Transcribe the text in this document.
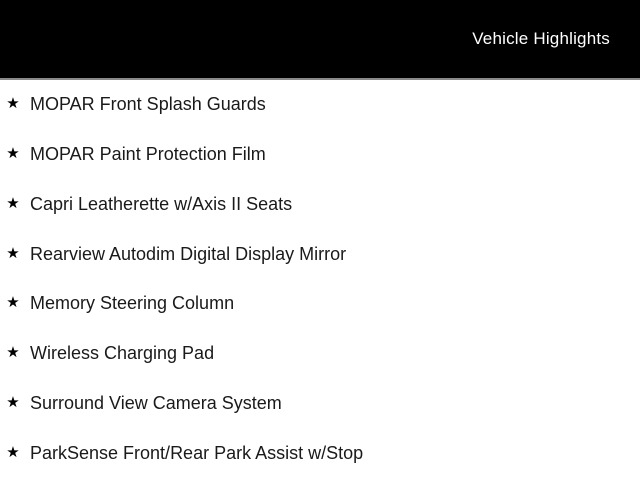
Vehicle Highlights
★ MOPAR Front Splash Guards
★ MOPAR Paint Protection Film
★ Capri Leatherette w/Axis II Seats
★ Rearview Autodim Digital Display Mirror
★ Memory Steering Column
★ Wireless Charging Pad
★ Surround View Camera System
★ ParkSense Front/Rear Park Assist w/Stop
